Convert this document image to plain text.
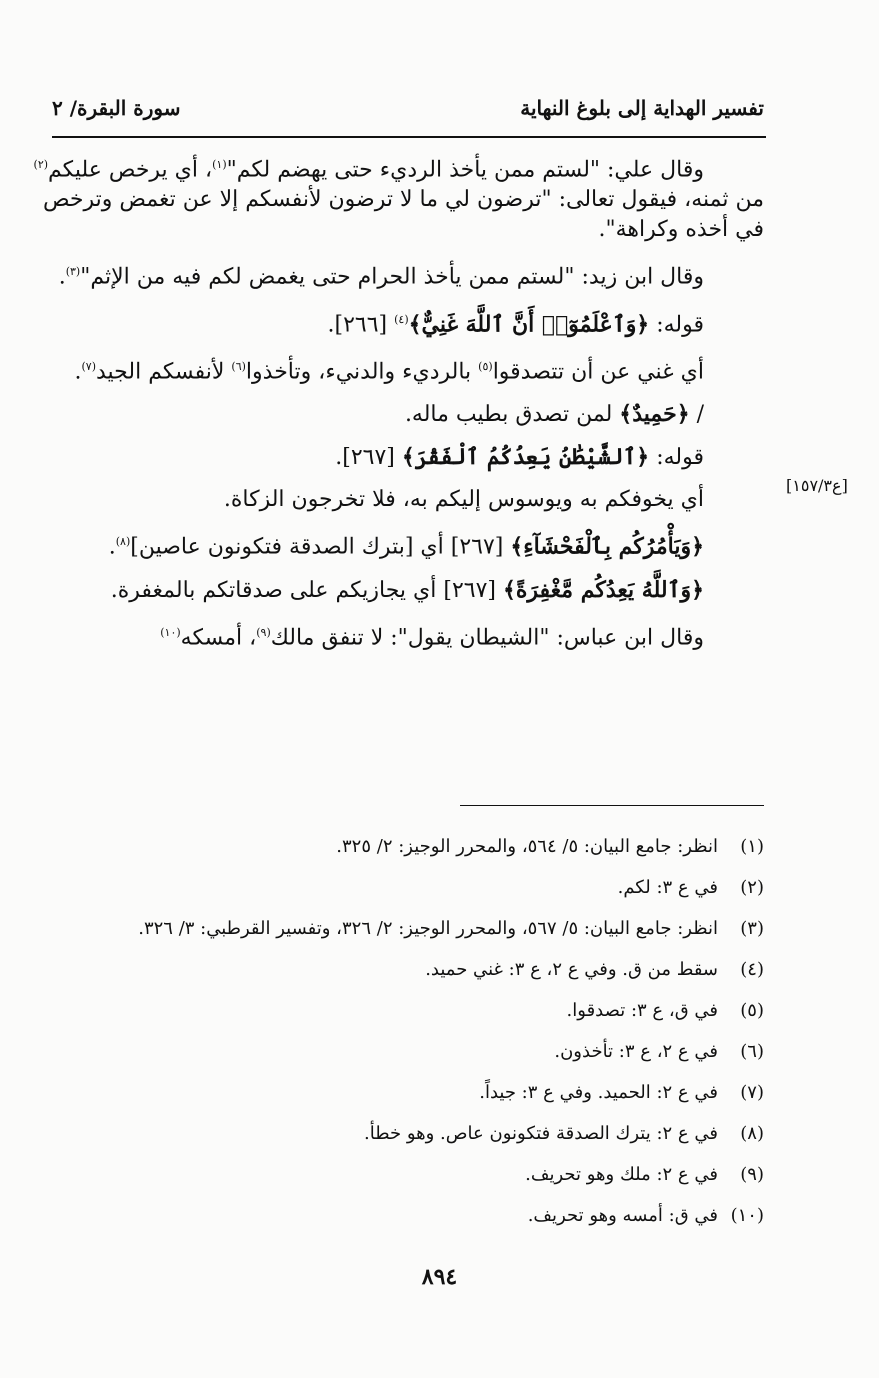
تفسير الهداية إلى بلوغ النهاية
سورة البقرة/ ٢
[ع١٥٧/٣]

وقال علي: "لستم ممن يأخذ الرديء حتى يهضم لكم"$^{(١)}$، أي يرخص عليكم$^{(٢)}$

من ثمنه، فيقول تعالى: "ترضون لي ما لا ترضون لأنفسكم إلا عن تغمض وترخص

في أخذه وكراهة".

وقال ابن زيد: "لستم ممن يأخذ الحرام حتى يغمض لكم فيه من الإثم"$^{(٣)}$.

قوله: ﴿وَٱعْلَمُوٓا۟ أَنَّ ٱللَّهَ غَنِيٌّ﴾$^{(٤)}$ [٢٦٦].

أي غني عن أن تتصدقوا$^{(٥)}$ بالرديء والدنيء، وتأخذوا$^{(٦)}$ لأنفسكم الجيد$^{(٧)}$.

/ ﴿حَمِيدٌ﴾ لمن تصدق بطيب ماله.

قوله: ﴿ٱلشَّيْطَٰنُ يَعِدُكُمُ ٱلْفَقْرَ﴾ [٢٦٧].

أي يخوفكم به ويوسوس إليكم به، فلا تخرجون الزكاة.

﴿وَيَأْمُرُكُم بِٱلْفَحْشَآءِ﴾ [٢٦٧] أي [بترك الصدقة فتكونون عاصين]$^{(٨)}$.

﴿وَٱللَّهُ يَعِدُكُم مَّغْفِرَةً﴾ [٢٦٧] أي يجازيكم على صدقاتكم بالمغفرة.

وقال ابن عباس: "الشيطان يقول": لا تنفق مالك$^{(٩)}$، أمسكه$^{(١٠)}$

(١)
انظر: جامع البيان: ٥/ ٥٦٤، والمحرر الوجيز: ٢/ ٣٢٥.
(٢)
في ع ٣: لكم.
(٣)
انظر: جامع البيان: ٥/ ٥٦٧، والمحرر الوجيز: ٢/ ٣٢٦، وتفسير القرطبي: ٣/ ٣٢٦.
(٤)
سقط من ق. وفي ع ٢، ع ٣: غني حميد.
(٥)
في ق، ع ٣: تصدقوا.
(٦)
في ع ٢، ع ٣: تأخذون.
(٧)
في ع ٢: الحميد. وفي ع ٣: جيداً.
(٨)
في ع ٢: يترك الصدقة فتكونون عاص. وهو خطأ.
(٩)
في ع ٢: ملك وهو تحريف.
(١٠)
في ق: أمسه وهو تحريف.
٨٩٤
